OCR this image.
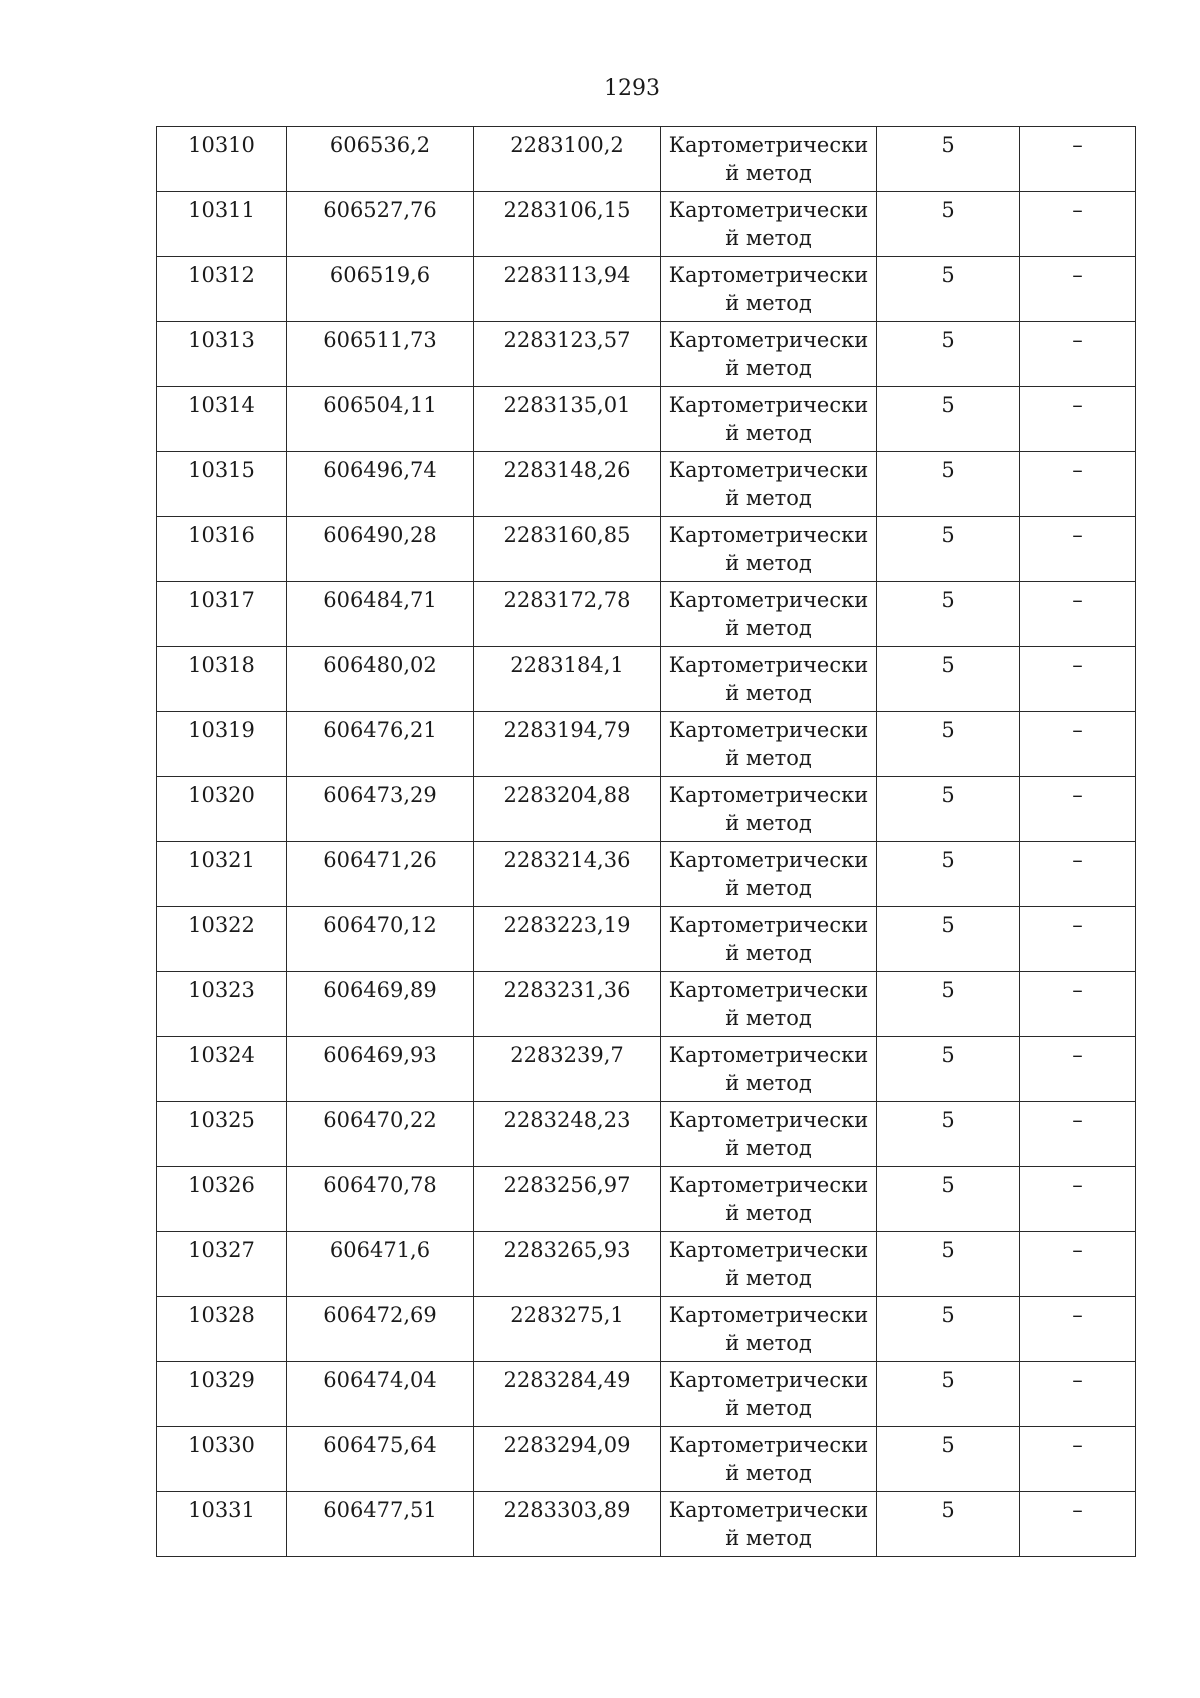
1293
10310	606536,2	2283100,2	Картометрически й метод	5	–
10311	606527,76	2283106,15	Картометрически й метод	5	–
10312	606519,6	2283113,94	Картометрически й метод	5	–
10313	606511,73	2283123,57	Картометрически й метод	5	–
10314	606504,11	2283135,01	Картометрически й метод	5	–
10315	606496,74	2283148,26	Картометрически й метод	5	–
10316	606490,28	2283160,85	Картометрически й метод	5	–
10317	606484,71	2283172,78	Картометрически й метод	5	–
10318	606480,02	2283184,1	Картометрически й метод	5	–
10319	606476,21	2283194,79	Картометрически й метод	5	–
10320	606473,29	2283204,88	Картометрически й метод	5	–
10321	606471,26	2283214,36	Картометрически й метод	5	–
10322	606470,12	2283223,19	Картометрически й метод	5	–
10323	606469,89	2283231,36	Картометрически й метод	5	–
10324	606469,93	2283239,7	Картометрически й метод	5	–
10325	606470,22	2283248,23	Картометрически й метод	5	–
10326	606470,78	2283256,97	Картометрически й метод	5	–
10327	606471,6	2283265,93	Картометрически й метод	5	–
10328	606472,69	2283275,1	Картометрически й метод	5	–
10329	606474,04	2283284,49	Картометрически й метод	5	–
10330	606475,64	2283294,09	Картометрически й метод	5	–
10331	606477,51	2283303,89	Картометрически й метод	5	–
